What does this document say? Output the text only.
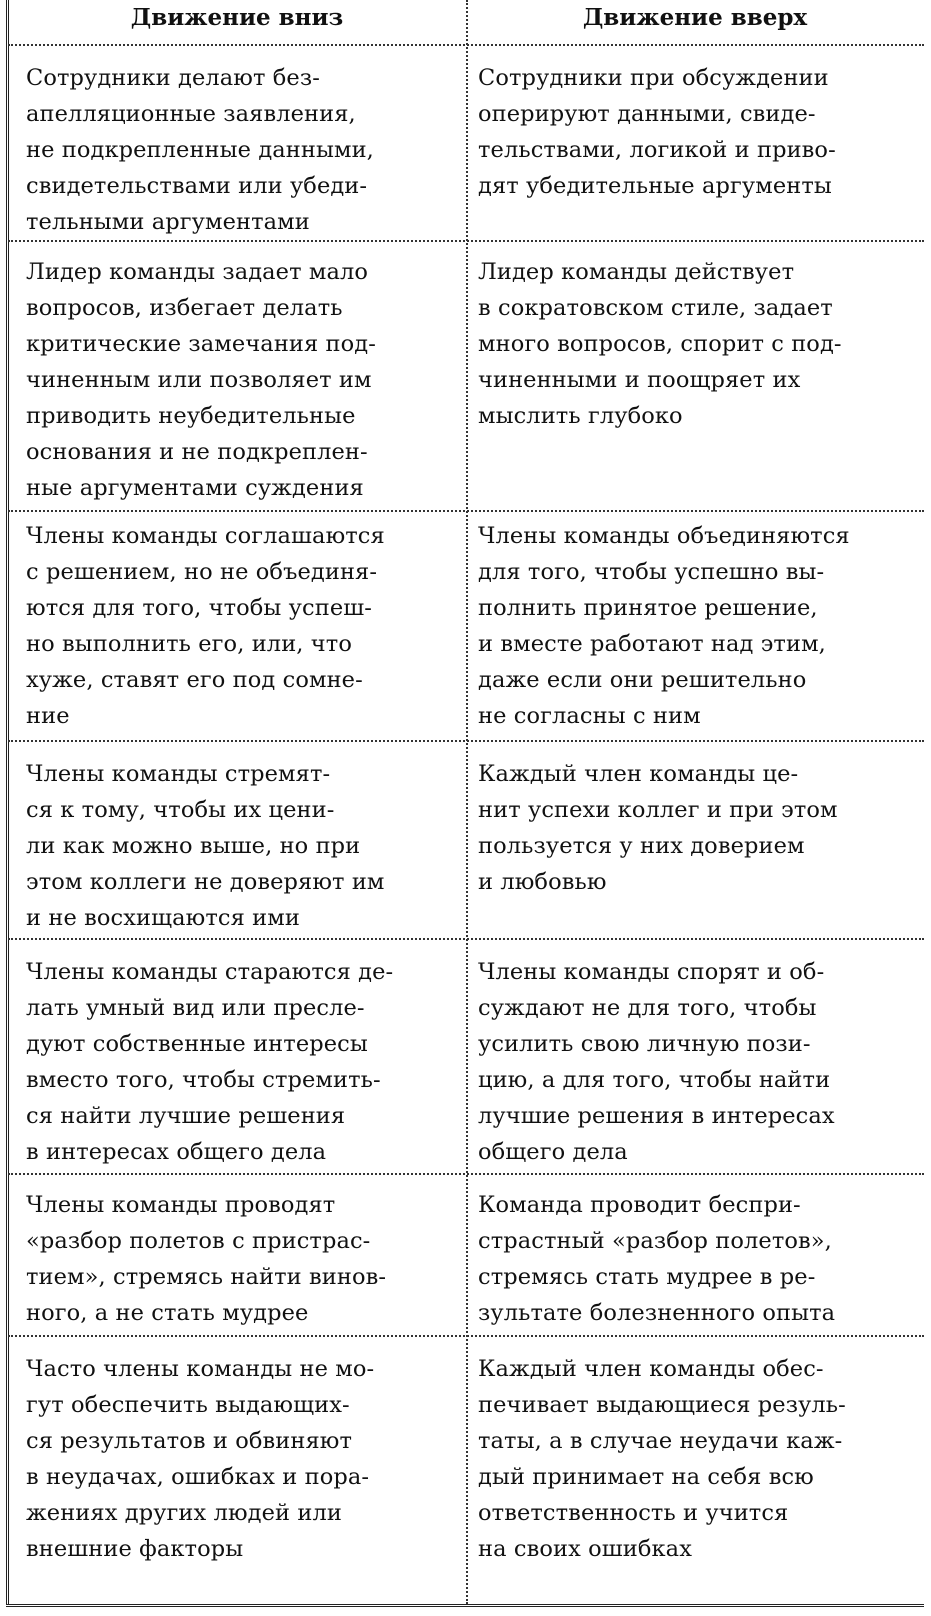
Движение вниз	Движение вверх
Сотрудники делают без-
апелляционные заявления,
не подкрепленные данными,
свидетельствами или убеди-
тельными аргументами
Сотрудники при обсуждении
оперируют данными, свиде-
тельствами, логикой и приво-
дят убедительные аргументы
Лидер команды задает мало
вопросов, избегает делать
критические замечания под-
чиненным или позволяет им
приводить неубедительные
основания и не подкреплен-
ные аргументами суждения
Лидер команды действует
в сократовском стиле, задает
много вопросов, спорит с под-
чиненными и поощряет их
мыслить глубоко
Члены команды соглашаются
с решением, но не объединя-
ются для того, чтобы успеш-
но выполнить его, или, что
хуже, ставят его под сомне-
ние
Члены команды объединяются
для того, чтобы успешно вы-
полнить принятое решение,
и вместе работают над этим,
даже если они решительно
не согласны с ним
Члены команды стремят-
ся к тому, чтобы их цени-
ли как можно выше, но при
этом коллеги не доверяют им
и не восхищаются ими
Каждый член команды це-
нит успехи коллег и при этом
пользуется у них доверием
и любовью
Члены команды стараются де-
лать умный вид или пресле-
дуют собственные интересы
вместо того, чтобы стремить-
ся найти лучшие решения
в интересах общего дела
Члены команды спорят и об-
суждают не для того, чтобы
усилить свою личную пози-
цию, а для того, чтобы найти
лучшие решения в интересах
общего дела
Члены команды проводят
«разбор полетов с пристрас-
тием», стремясь найти винов-
ного, а не стать мудрее
Команда проводит беспри-
страстный «разбор полетов»,
стремясь стать мудрее в ре-
зультате болезненного опыта
Часто члены команды не мо-
гут обеспечить выдающих-
ся результатов и обвиняют
в неудачах, ошибках и пора-
жениях других людей или
внешние факторы
Каждый член команды обес-
печивает выдающиеся резуль-
таты, а в случае неудачи каж-
дый принимает на себя всю
ответственность и учится
на своих ошибках
